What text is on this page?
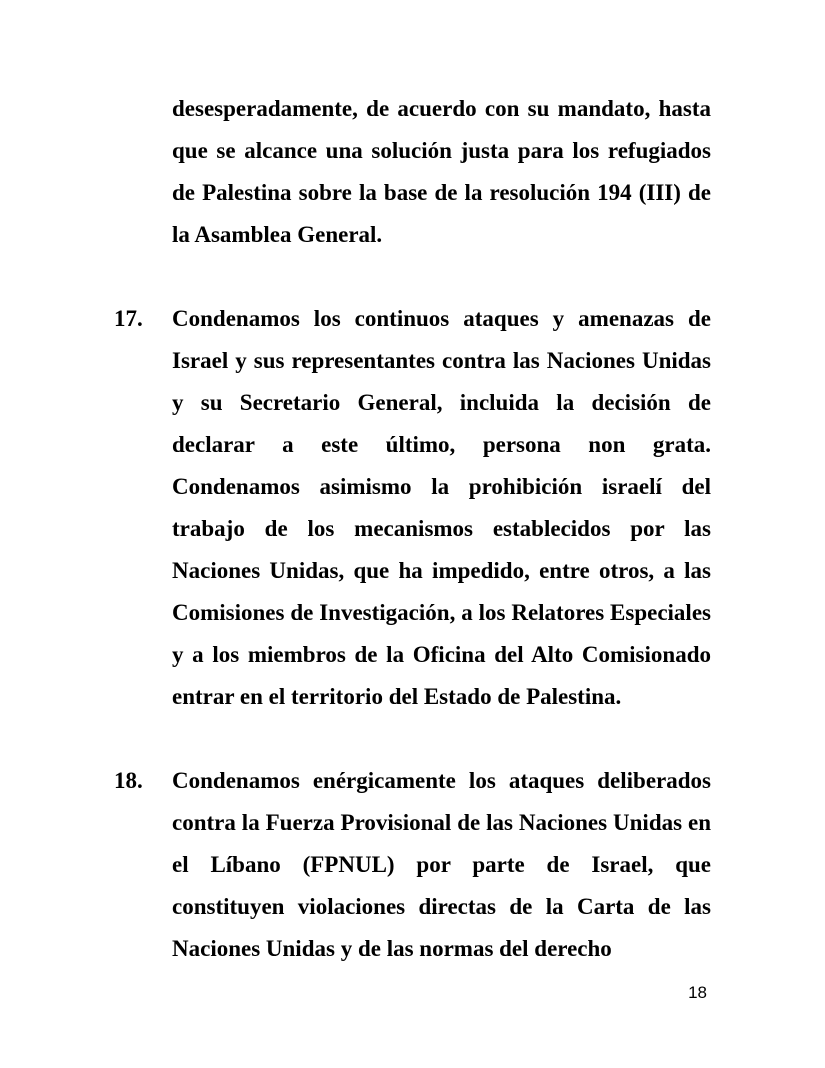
desesperadamente, de acuerdo con su mandato, hasta que se alcance una solución justa para los refugiados de Palestina sobre la base de la resolución 194 (III) de la Asamblea General.

17.	Condenamos los continuos ataques y amenazas de Israel y sus representantes contra las Naciones Unidas y su Secretario General, incluida la decisión de declarar a este último, persona non grata. Condenamos asimismo la prohibición israelí del trabajo de los mecanismos establecidos por las Naciones Unidas, que ha impedido, entre otros, a las Comisiones de Investigación, a los Relatores Especiales y a los miembros de la Oficina del Alto Comisionado entrar en el territorio del Estado de Palestina.

18.	Condenamos enérgicamente los ataques deliberados contra la Fuerza Provisional de las Naciones Unidas en el Líbano (FPNUL) por parte de Israel, que constituyen violaciones directas de la Carta de las Naciones Unidas y de las normas del derecho

18
